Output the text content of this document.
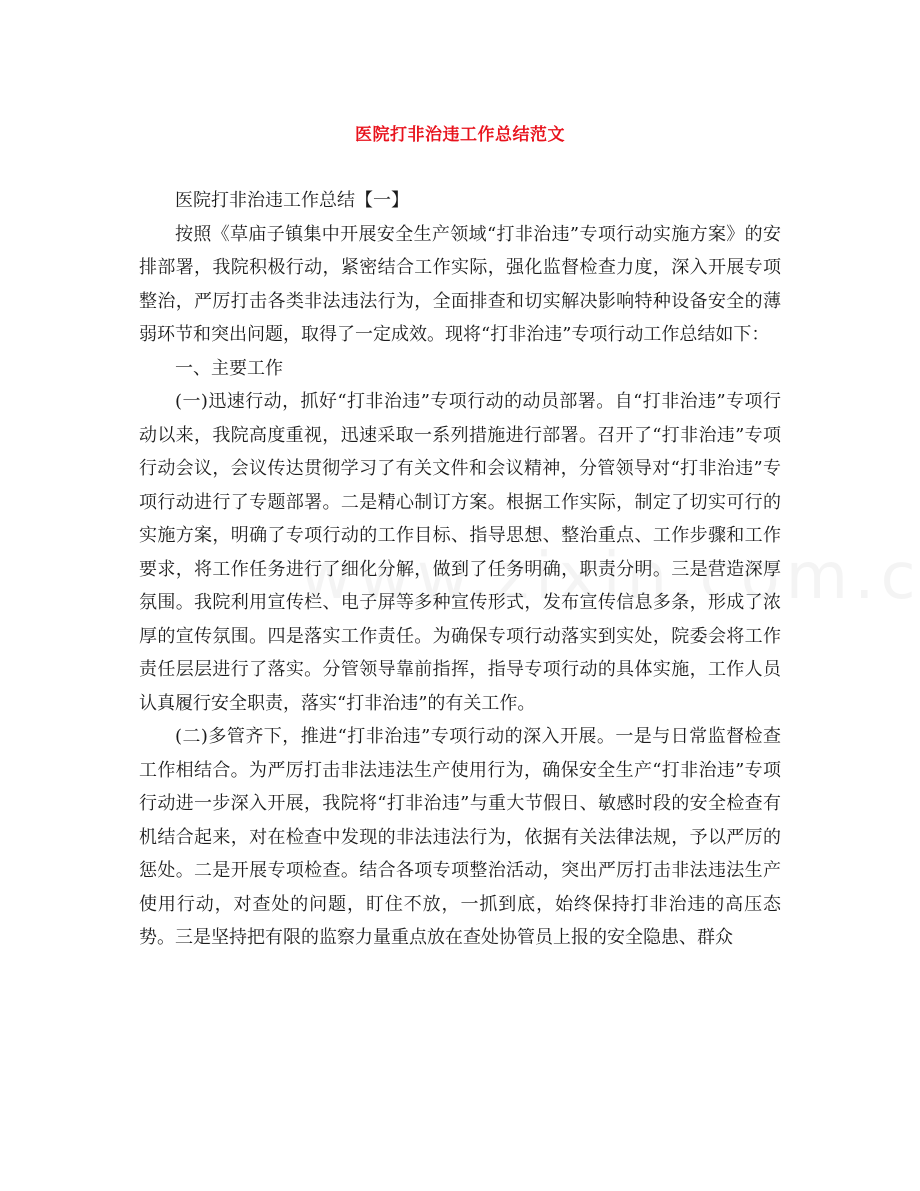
医院打非治违工作总结范文

医院打非治违工作总结【一】

按照《草庙子镇集中开展安全生产领域“打非治违”专项行动实施方案》的安排部署，我院积极行动，紧密结合工作实际，强化监督检查力度，深入开展专项整治，严厉打击各类非法违法行为，全面排查和切实解决影响特种设备安全的薄弱环节和突出问题，取得了一定成效。现将“打非治违”专项行动工作总结如下：

一、主要工作

(一)迅速行动，抓好“打非治违”专项行动的动员部署。自“打非治违”专项行动以来，我院高度重视，迅速采取一系列措施进行部署。召开了“打非治违”专项行动会议，会议传达贯彻学习了有关文件和会议精神，分管领导对“打非治违”专项行动进行了专题部署。二是精心制订方案。根据工作实际，制定了切实可行的实施方案，明确了专项行动的工作目标、指导思想、整治重点、工作步骤和工作要求，将工作任务进行了细化分解，做到了任务明确，职责分明。三是营造深厚氛围。我院利用宣传栏、电子屏等多种宣传形式，发布宣传信息多条，形成了浓厚的宣传氛围。四是落实工作责任。为确保专项行动落实到实处，院委会将工作责任层层进行了落实。分管领导靠前指挥，指导专项行动的具体实施，工作人员认真履行安全职责，落实“打非治违”的有关工作。

(二)多管齐下，推进“打非治违”专项行动的深入开展。一是与日常监督检查工作相结合。为严厉打击非法违法生产使用行为，确保安全生产“打非治违”专项行动进一步深入开展，我院将“打非治违”与重大节假日、敏感时段的安全检查有机结合起来，对在检查中发现的非法违法行为，依据有关法律法规，予以严厉的惩处。二是开展专项检查。结合各项专项整治活动，突出严厉打击非法违法生产使用行动，对查处的问题，盯住不放，一抓到底，始终保持打非治违的高压态势。三是坚持把有限的监察力量重点放在查处协管员上报的安全隐患、群众
